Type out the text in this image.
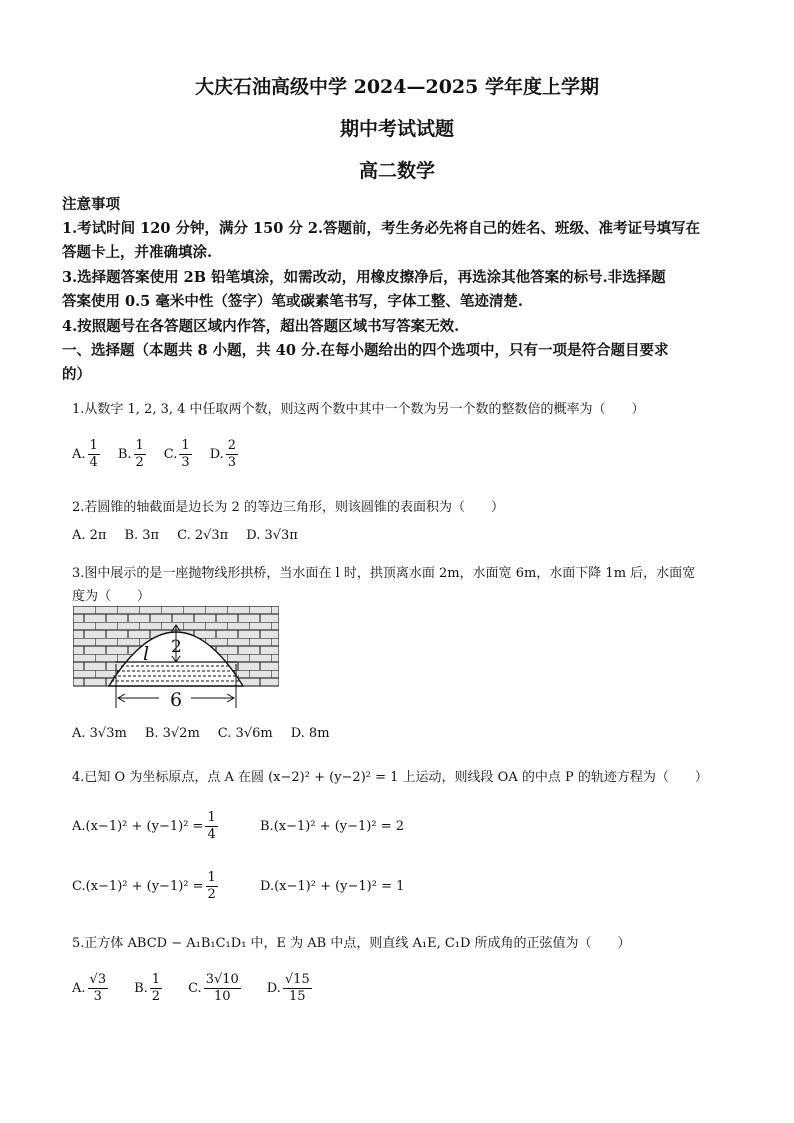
大庆石油高级中学 2024—2025 学年度上学期
期中考试试题
高二数学
注意事项
1.考试时间 120 分钟，满分 150 分 2.答题前，考生务必先将自己的姓名、班级、准考证号填写在
答题卡上，并准确填涂.
3.选择题答案使用 2B 铅笔填涂，如需改动，用橡皮擦净后，再选涂其他答案的标号.非选择题
答案使用 0.5 毫米中性（签字）笔或碳素笔书写，字体工整、笔迹清楚.
4.按照题号在各答题区域内作答，超出答题区域书写答案无效.
一、选择题（本题共 8 小题，共 40 分.在每小题给出的四个选项中，只有一项是符合题目要求
的）
1.从数字 1, 2, 3, 4 中任取两个数，则这两个数中其中一个数为另一个数的整数倍的概率为（　　）
A. $\frac{1}{4} B$. $\frac{1}{2} C$. $\frac{1}{3} D$. $\frac{2}{3}$
2.若圆锥的轴截面是边长为 2 的等边三角形，则该圆锥的表面积为（　　）
A. 2π B. 3π C. 2√3π D. 3√3π
3.图中展示的是一座抛物线形拱桥，当水面在 l 时，拱顶离水面 2m，水面宽 6m，水面下降 1m 后，水面宽
度为（　　）
2
l
6
A. 3√3m B. 3√2m C. 3√6m D. 8m
4.已知 O 为坐标原点，点 A 在圆 (x−2)² + (y−2)² = 1 上运动，则线段 OA 的中点 P 的轨迹方程为（　　）
A. $(x-1)^2 + (y-1)^2 = \frac{1}{4}$	B. (x−1)² + (y−1)² = 2
C. $(x-1)^2 + (y-1)^2 = \frac{1}{2}$	D. (x−1)² + (y−1)² = 1
5.正方体 ABCD − A₁B₁C₁D₁ 中，E 为 AB 中点，则直线 A₁E, C₁D 所成角的正弦值为（　　）
A. $\frac{√3}{3} B$. $\frac{1}{2} C$. $\frac{3√10}{10} D$. $\frac{√15}{15}$
